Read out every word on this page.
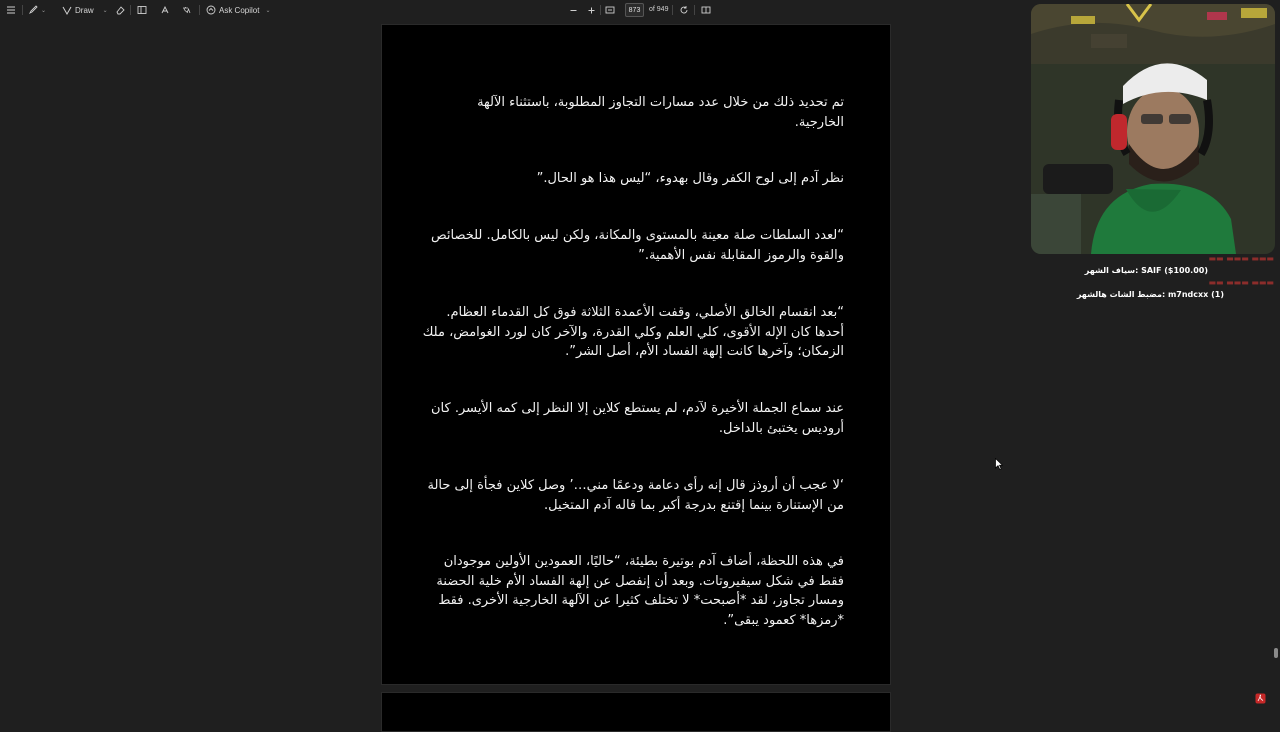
⌄	Draw ⌄	Ask Copilot ⌄	873	of 949

تم تحديد ذلك من خلال عدد مسارات التجاوز المطلوبة، باستثناء الآلهة الخارجية.

نظر آدم إلى لوح الكفر وقال بهدوء، “ليس هذا هو الحال.”

“لعدد السلطات صلة معينة بالمستوى والمكانة، ولكن ليس بالكامل. للخصائص والقوة والرموز المقابلة نفس الأهمية.”

“بعد انقسام الخالق الأصلي، وقفت الأعمدة الثلاثة فوق كل القدماء العظام. أحدها كان الإله الأقوى، كلي العلم وكلي القدرة، والآخر كان لورد الغوامض، ملك الزمكان؛ وآخرها كانت إلهة الفساد الأم، أصل الشر”.

عند سماع الجملة الأخيرة لآدم، لم يستطع كلاين إلا النظر إلى كمه الأيسر. كان أروديس يختبئ بالداخل.

‘لا عجب أن أروذز قال إنه رأى دعامة ودعمًا مني…’ وصل كلاين فجأة إلى حالة من الإستنارة بينما إقتنع بدرجة أكبر بما قاله آدم المتخيل.

في هذه اللحظة، أضاف آدم بوتيرة بطيئة، “حاليًا، العمودين الأولين موجودان فقط في شكل سيفيروتات. وبعد أن إنفصل عن إلهة الفساد الأم خلية الحضنة ومسار تجاوز، لقد *أصبحت* لا تختلف كثيرا عن الآلهة الخارجية الأخرى. فقط *رمزها* كعمود يبقى”.

▬▬▬ ▬▬▬ ▬▬
SAIF ($100.00) :سياف الشهر
▬▬▬ ▬▬▬ ▬▬
m7ndcxx (1) :مضبط الشات هالشهر
